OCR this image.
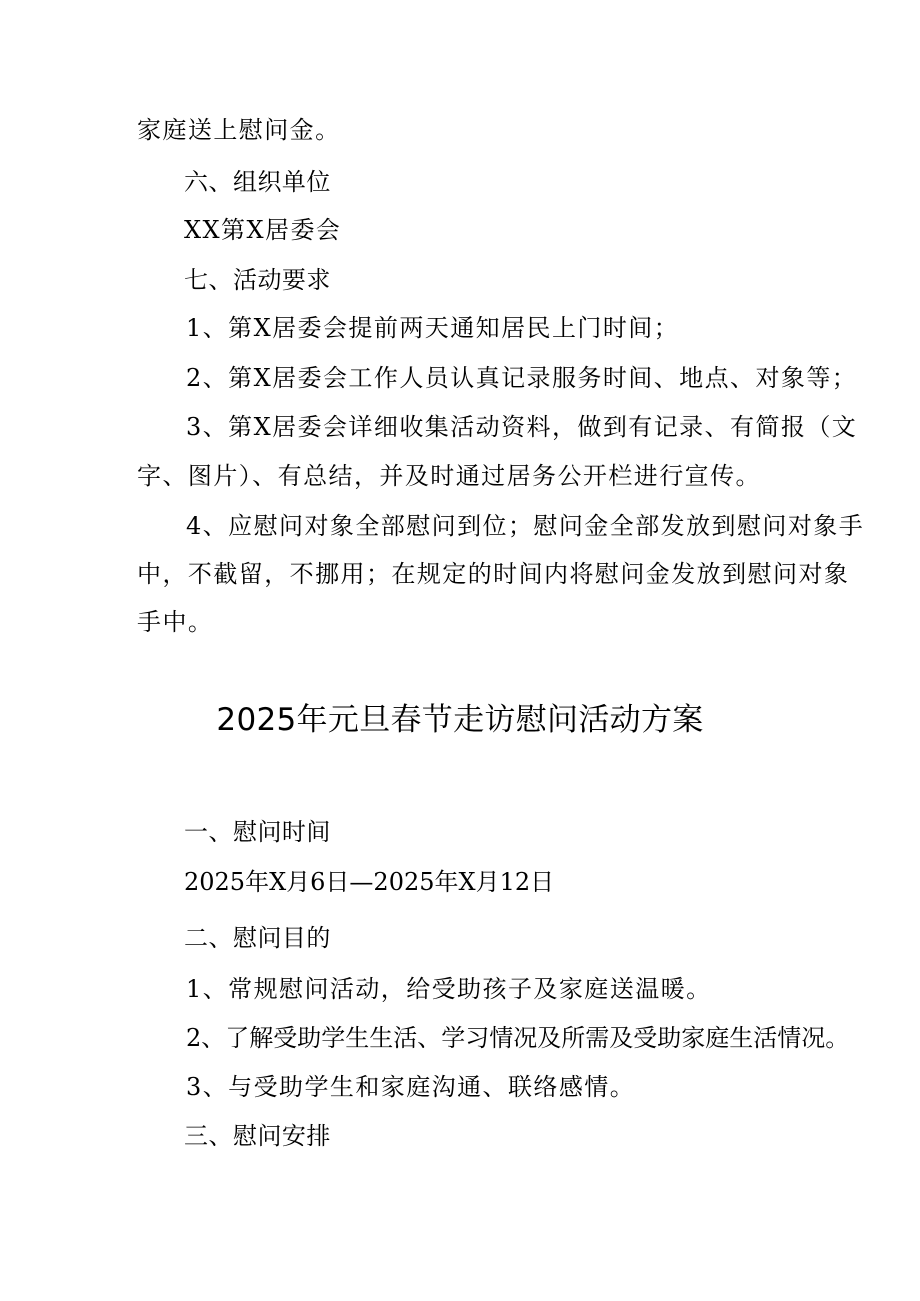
家庭送上慰问金。
六、组织单位
XX第X居委会
七、活动要求
1、第X居委会提前两天通知居民上门时间；
2、第X居委会工作人员认真记录服务时间、地点、对象等；
3、第X居委会详细收集活动资料，做到有记录、有简报（文
字、图片）、有总结，并及时通过居务公开栏进行宣传。
4、应慰问对象全部慰问到位；慰问金全部发放到慰问对象手
中，不截留，不挪用；在规定的时间内将慰问金发放到慰问对象
手中。
2025年元旦春节走访慰问活动方案
一、慰问时间
2025年X月6日—2025年X月12日
二、慰问目的
1、常规慰问活动，给受助孩子及家庭送温暖。
2、了解受助学生生活、学习情况及所需及受助家庭生活情况。
3、与受助学生和家庭沟通、联络感情。
三、慰问安排
